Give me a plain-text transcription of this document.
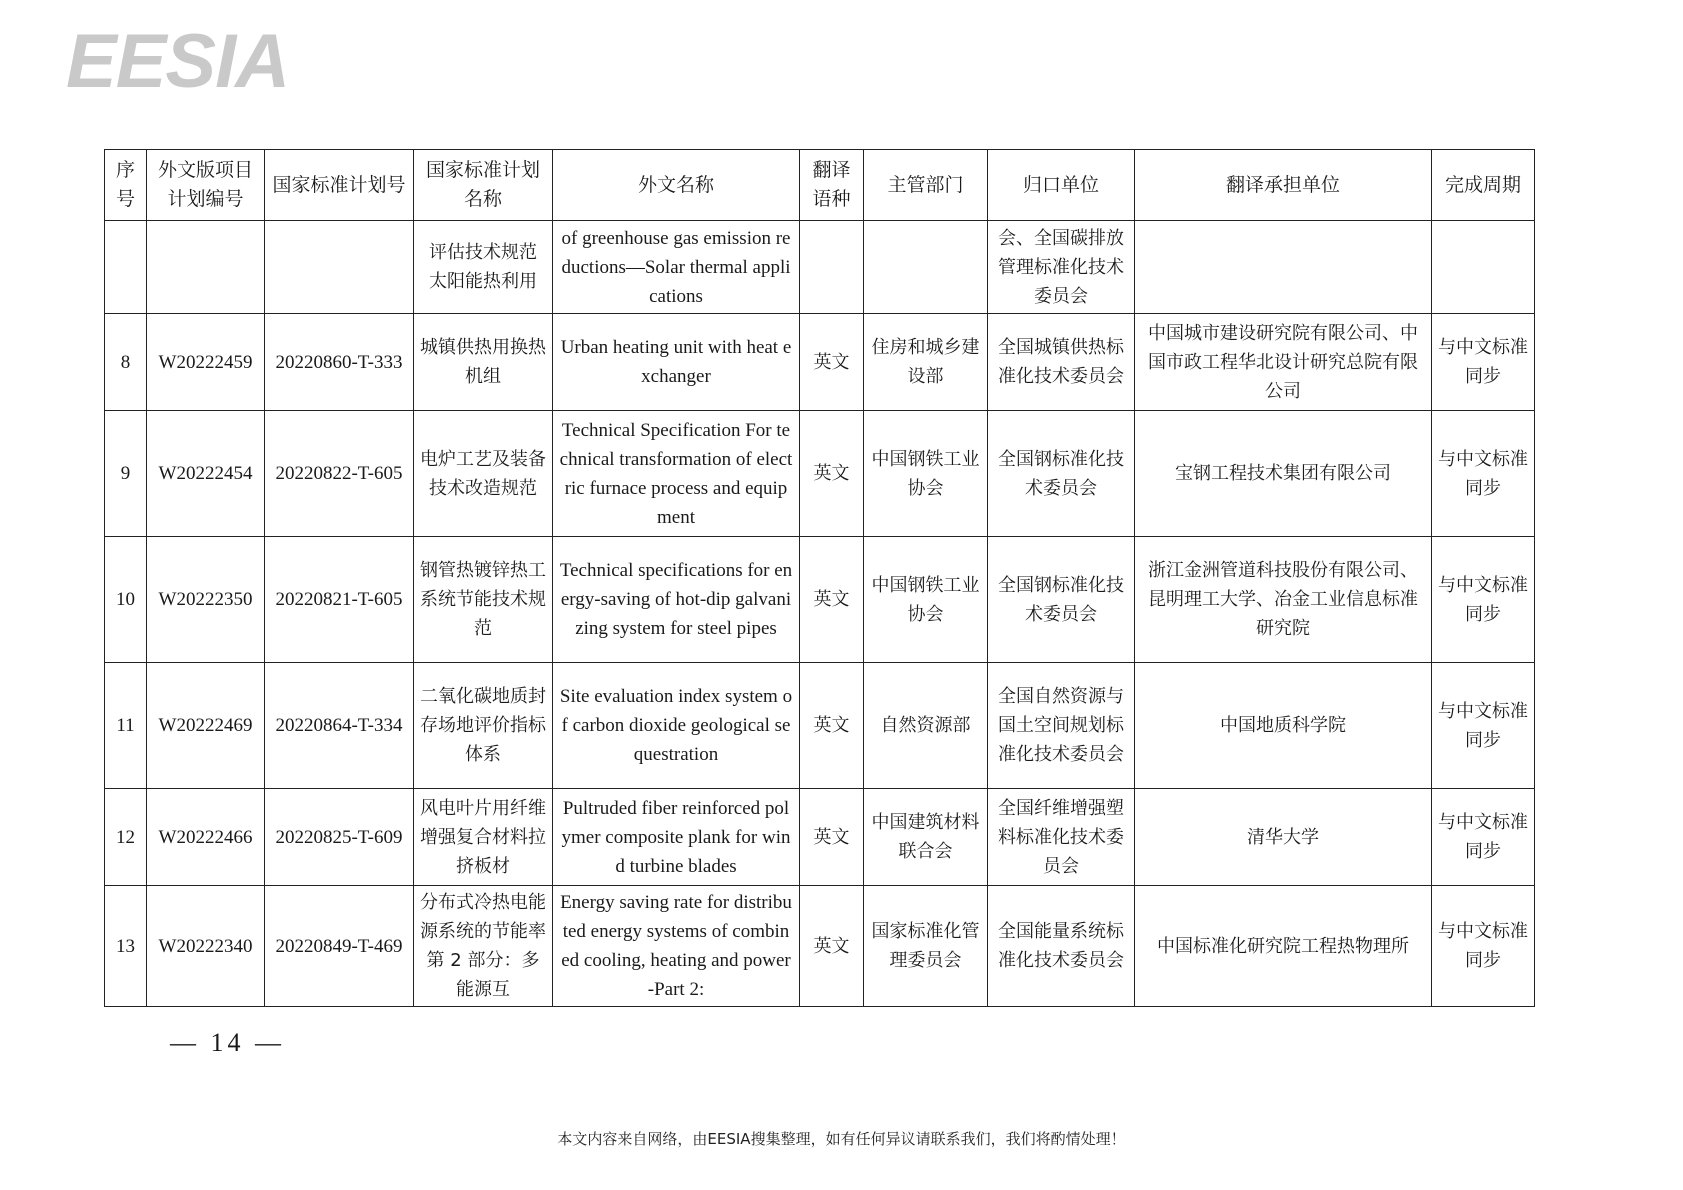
EESIA
序号	外文版项目计划编号	国家标准计划号	国家标准计划名称	外文名称	翻译语种	主管部门	归口单位	翻译承担单位	完成周期
			评估技术规范 太阳能热利用	of greenhouse gas emission reductions—Solar thermal applications			会、全国碳排放管理标准化技术委员会		
8	W20222459	20220860-T-333	城镇供热用换热机组	Urban heating unit with heat exchanger	英文	住房和城乡建设部	全国城镇供热标准化技术委员会	中国城市建设研究院有限公司、中国市政工程华北设计研究总院有限公司	与中文标准同步
9	W20222454	20220822-T-605	电炉工艺及装备技术改造规范	Technical Specification For technical transformation of electric furnace process and equipment	英文	中国钢铁工业协会	全国钢标准化技术委员会	宝钢工程技术集团有限公司	与中文标准同步
10	W20222350	20220821-T-605	钢管热镀锌热工系统节能技术规范	Technical specifications for energy-saving of hot-dip galvanizing system for steel pipes	英文	中国钢铁工业协会	全国钢标准化技术委员会	浙江金洲管道科技股份有限公司、昆明理工大学、冶金工业信息标准研究院	与中文标准同步
11	W20222469	20220864-T-334	二氧化碳地质封存场地评价指标体系	Site evaluation index system of carbon dioxide geological sequestration	英文	自然资源部	全国自然资源与国土空间规划标准化技术委员会	中国地质科学院	与中文标准同步
12	W20222466	20220825-T-609	风电叶片用纤维增强复合材料拉挤板材	Pultruded fiber reinforced polymer composite plank for wind turbine blades	英文	中国建筑材料联合会	全国纤维增强塑料标准化技术委员会	清华大学	与中文标准同步
13	W20222340	20220849-T-469	分布式冷热电能源系统的节能率 第 2 部分：多能源互	Energy saving rate for distributed energy systems of combined cooling, heating and power-Part 2:	英文	国家标准化管理委员会	全国能量系统标准化技术委员会	中国标准化研究院工程热物理所	与中文标准同步
— 14 —
本文内容来自网络，由EESIA搜集整理，如有任何异议请联系我们，我们将酌情处理！
